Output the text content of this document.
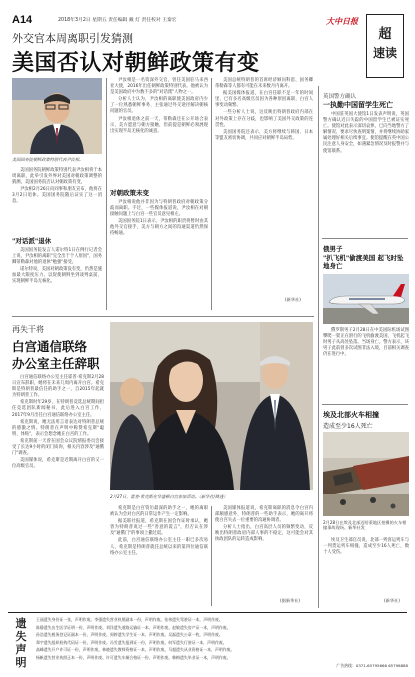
A14	2018年3月2日 星期五 责任编辑 戴 灯 责任校对 王秦宏
外交官本周离职引发猜测
美国否认对朝鲜政策有变
大中日报
超
速读
美国国务院朝鲜政策特别代表尹汝相。

美国国务院朝鲜政策特别代表尹汝相将于本周离职，此举引发外界对美国对朝政策调整的猜测。美国国务院否认对朝政策有变。

尹汝相2月26日向同事和朋友宣布，他将在3月2日退休。美国国务院随后证实了这一消息。

"对话派"退休

美国国务院发言人诺尔特1日在例行记者会上说，尹汝相的离职"完全出于个人原因"，国务卿蒂勒森对他的退休"勉强"接受。

诺尔特说，美国对朝政策没有变，仍然是施加最大限度压力，以促使朝鲜坐到谈判桌前，实现朝鲜半岛无核化。

尹汝相是一名资深外交官，曾任美国驻马来西亚大使，2016年出任朝鲜政策特别代表。他被认为是美国政府中为数不多的"对话派"人物之一。

分析人士认为，尹汝相的离职使美国政府内少了一位熟悉朝鲜事务、主张通过外交途径解决朝核问题的官员。

尹汝相退休之前一天，蒂勒森还在公开场合表示，美方愿意与朝方接触，但前提是朝鲜必须展现出实现半岛无核化的诚意。

对朝政策未变

尹汝相说他并非因为与特朗普政府对朝政策分歧而离职。不过，一些媒体报道说，尹汝相在对朝接触问题上与白宫一些官员意见相左。

美国国务院1日表示，尹汝相的职责将暂时由其他外交官接手，美方与朝方之间的沟通渠道仍然保持畅通。

美国总统特朗普的首席经济顾问科恩、国务卿蒂勒森等人都有可能在未来数月内离开。

据美国媒体报道，在白宫任职不足一年的时间里，已有多名高级官员因为各种原因离职，白宫人事变动频繁。

一些分析人士说，这反映出特朗普政府内部在对外政策上存在分歧，也影响了美国外交政策的连贯性。

美国国务院还表示，美方将继续与韩国、日本等盟友密切协调，共同应对朝鲜半岛局势。

(新华社)
再失干将
白宫通信联络
办公室主任辞职

白宫通信联络办公室主任霍普·希克斯2月28日宣布辞职，她将在未来几周内离开白宫。希克斯是特朗普最信任的助手之一，自2015年起就为特朗普工作。

希克斯时年29岁，在特朗普竞选总统期间担任竞选团队新闻秘书，此后进入白宫工作，2017年9月出任白宫通信联络办公室主任。

希克斯说，她无法用言语表达对特朗普总统的感激之情。特朗普在声明中称赞希克斯"聪明、体贴"，表示会想念她在白宫的工作。

希克斯前一天曾在国会众议院情报委员会接受了长达9小时的闭门质询，相关内容涉及"通俄门"调查。

美国媒体说，希克斯是近期离开白宫的又一位高级官员。

2月27日，霍普·希克斯在华盛顿白宫参加活动。（新华社/路透）

希克斯是白宫资历最深的助手之一，她的离职被认为会对白宫的日常运作产生一定影响。

据美联社报道，希克斯在国会作证时承认，她曾为特朗普说过一些"善意的谎言"，但否认在涉及"通俄门"的事项上撒过谎。

此前，白宫通信联络办公室主任一职已多次易人，希克斯是特朗普就任总统以来的第四位通信联络办公室主任。

美国媒体报道说，希克斯离职的消息令白宫内部颇感意外，特朗普的一些助手表示，她的离开将使白宫失去一位重要的沟通协调者。

分析人士指出，白宫高层人员的频繁变动，反映出特朗普政府内部人事的不稳定，这可能会对其执政团队的运转造成影响。

(据新华社)
英国警方确认
一执勤中国留学生死亡

中国驻英国大使馆1日发表声明说，英国警方确认近日失踪的中国留学生已被证实死亡。使馆对此表示深切哀悼，已向当地警方了解情况，要求尽快查明案情，并将继续协助家属处理好相关后续事宜。使馆提醒在英中国公民注意人身安全，如遇紧急情况及时报警并与使馆联系。

俄男子
"扒飞机"偷渡美国 起飞时坠地身亡

俄罗斯男子2月28日在中美国际机场试图攀爬一架正在滑行的飞机偷渡美国，飞机起飞时男子从高处坠落，当场身亡。警方表示，该男子此前曾多次试图非法入境，目前相关调查仍在进行中。

埃及北部火车相撞
造成至少16人死亡
2月28日在埃及北部迈哈莱地区拍摄的火车相撞事故现场。新华社发

埃及卫生部官员说，北部一列客运列车与一列货运列车相撞，造成至少16人死亡，数十人受伤。

(新华社)
遗
失
声
明
王丽遗失身份证一张，声明作废。李强遗失营业执照副本一份，声明作废。张伟遗失驾驶证一本，声明作废。
陈静遗失出生医学证明一份，声明作废。刘洋遗失道路运输证一本，声明作废。赵敏遗失房产证一本，声明作废。
孙浩遗失税务登记证副本一份，声明作废。周婷遗失学生证一本，声明作废。吴磊遗失公章一枚，声明作废。
郑宇遗失组织机构代码证一份，声明作废。冯雪遗失报到证一份，声明作废。何军遗失行驶证一本，声明作废。
高峰遗失开户许可证一份，声明作废。林晓遗失教师资格证一本，声明作废。马超遗失从业资格证一本，声明作废。
杨帆遗失营业执照正本一份，声明作废。许可遗失车辆合格证一份，声明作废。韩梅遗失毕业证一本，声明作废。
广告热线：0371-65795666 65796888
